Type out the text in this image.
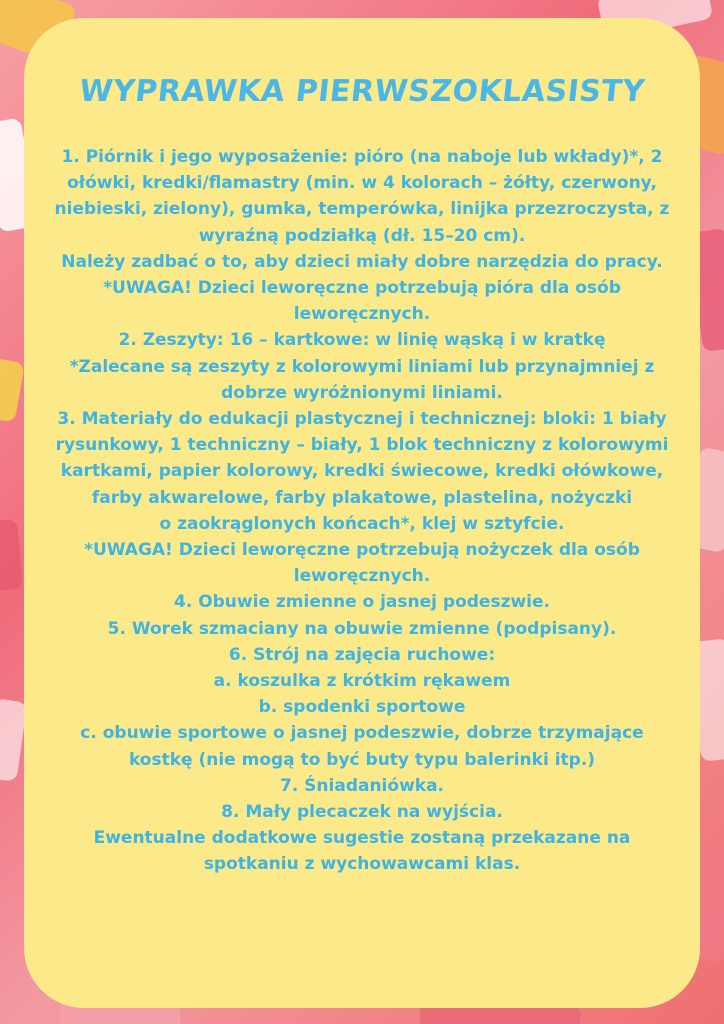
WYPRAWKA PIERWSZOKLASISTY

1. Piórnik i jego wyposażenie: pióro (na naboje lub wkłady)*, 2 ołówki, kredki/flamastry (min. w 4 kolorach – żółty, czerwony, niebieski, zielony), gumka, temperówka, linijka przezroczysta, z wyraźną podziałką (dł. 15–20 cm).

Należy zadbać o to, aby dzieci miały dobre narzędzia do pracy.

*UWAGA! Dzieci leworęczne potrzebują pióra dla osób leworęcznych.

2. Zeszyty: 16 – kartkowe: w linię wąską i w kratkę

*Zalecane są zeszyty z kolorowymi liniami lub przynajmniej z dobrze wyróżnionymi liniami.

3. Materiały do edukacji plastycznej i technicznej: bloki: 1 biały rysunkowy, 1 techniczny – biały, 1 blok techniczny z kolorowymi kartkami, papier kolorowy, kredki świecowe, kredki ołówkowe, farby akwarelowe, farby plakatowe, plastelina, nożyczki

o zaokrąglonych końcach*, klej w sztyfcie.

*UWAGA! Dzieci leworęczne potrzebują nożyczek dla osób leworęcznych.

4. Obuwie zmienne o jasnej podeszwie.

5. Worek szmaciany na obuwie zmienne (podpisany).

6. Strój na zajęcia ruchowe:

a. koszulka z krótkim rękawem

b. spodenki sportowe

c. obuwie sportowe o jasnej podeszwie, dobrze trzymające kostkę (nie mogą to być buty typu balerinki itp.)

7. Śniadaniówka.

8. Mały plecaczek na wyjścia.

Ewentualne dodatkowe sugestie zostaną przekazane na spotkaniu z wychowawcami klas.
